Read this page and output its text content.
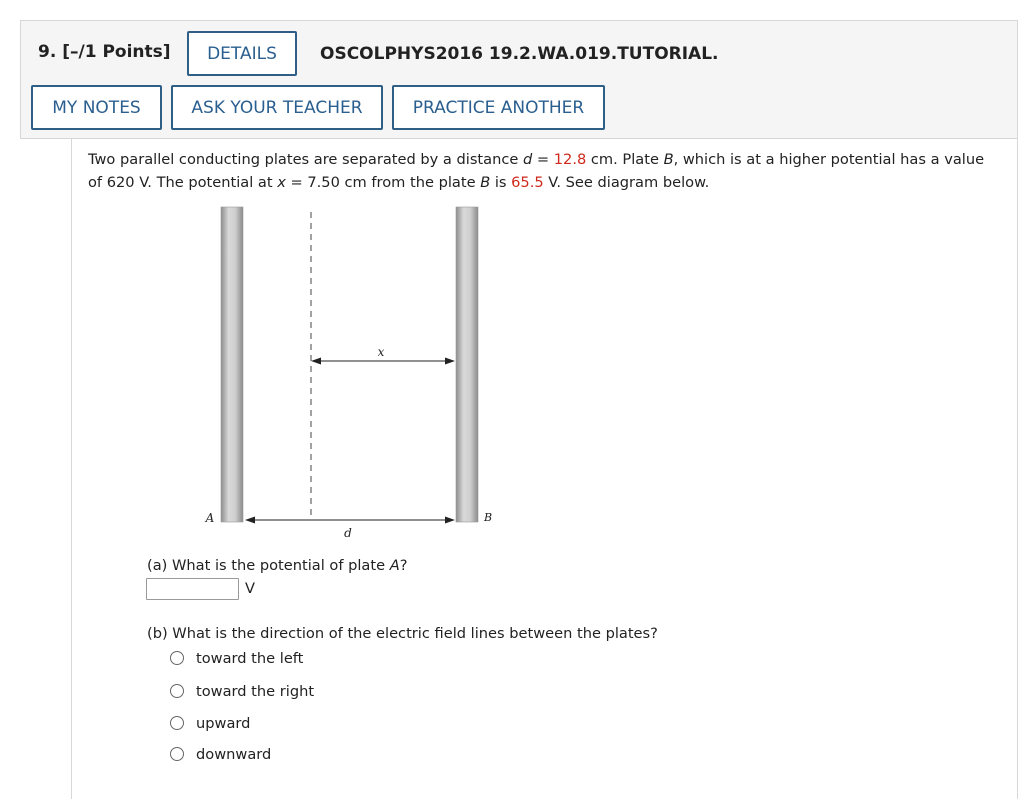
9. [–/1 Points]	DETAILS	OSCOLPHYS2016 19.2.WA.019.TUTORIAL.
MY NOTES	ASK YOUR TEACHER	PRACTICE ANOTHER
Two parallel conducting plates are separated by a distance d = 12.8 cm. Plate B, which is at a higher potential has a value of 620 V. The potential at x = 7.50 cm from the plate B is 65.5 V. See diagram below.
x
d
A	B
(a) What is the potential of plate A?
V
(b) What is the direction of the electric field lines between the plates?
toward the left
toward the right
upward
downward
